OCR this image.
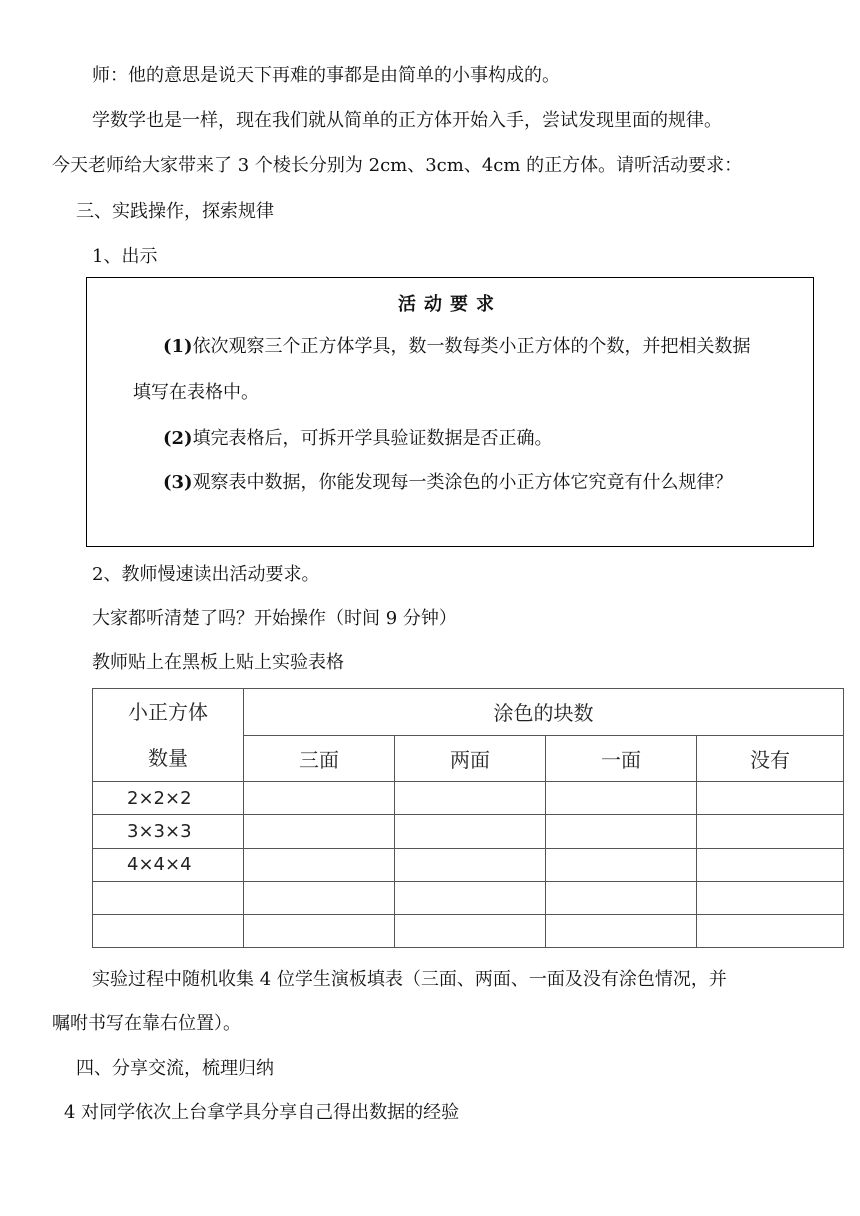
师：他的意思是说天下再难的事都是由简单的小事构成的。
学数学也是一样，现在我们就从简单的正方体开始入手，尝试发现里面的规律。
今天老师给大家带来了 3 个棱长分别为 2cm、3cm、4cm 的正方体。请听活动要求：
三、实践操作，探索规律
1、出示
活动要求
(1)依次观察三个正方体学具，数一数每类小正方体的个数，并把相关数据
填写在表格中。
(2)填完表格后，可拆开学具验证数据是否正确。
(3)观察表中数据，你能发现每一类涂色的小正方体它究竟有什么规律？
2、教师慢速读出活动要求。
大家都听清楚了吗？开始操作（时间 9 分钟）
教师贴上在黑板上贴上实验表格
小正方体
数量	涂色的块数			
	三面	两面	一面	没有
2×2×2				
3×3×3				
4×4×4				

实验过程中随机收集 4 位学生演板填表（三面、两面、一面及没有涂色情况，并
嘱咐书写在靠右位置）。
四、分享交流，梳理归纳
4 对同学依次上台拿学具分享自己得出数据的经验
